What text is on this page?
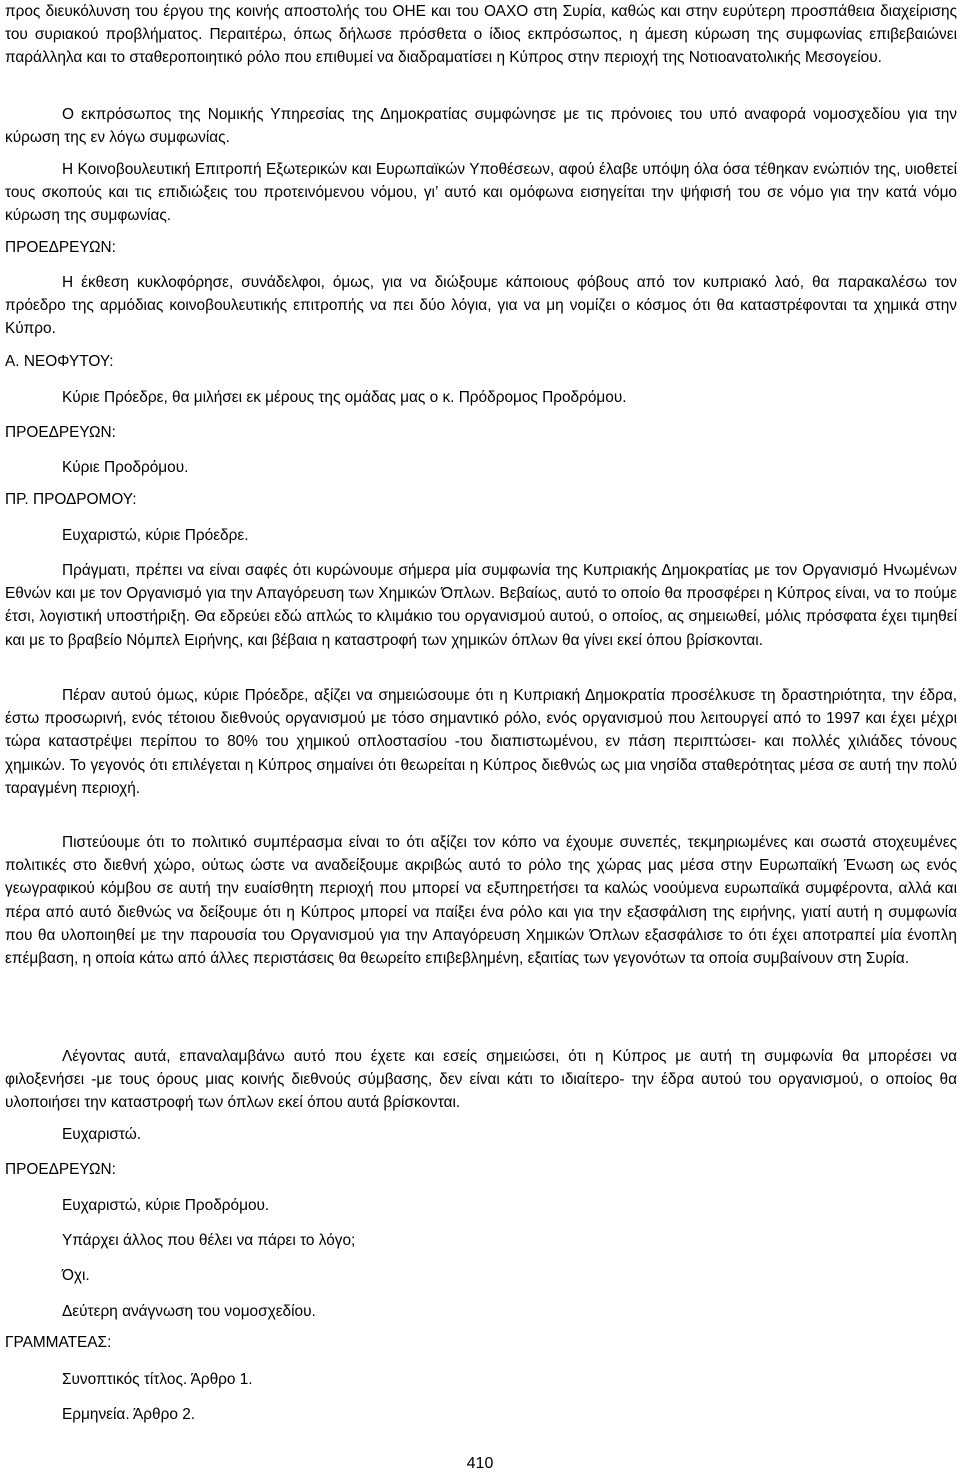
προς διευκόλυνση του έργου της κοινής αποστολής του ΟΗΕ και του ΟΑΧΟ στη Συρία, καθώς και στην ευρύτερη προσπάθεια διαχείρισης του συριακού προβλήματος. Περαιτέρω, όπως δήλωσε πρόσθετα ο ίδιος εκπρόσωπος, η άμεση κύρωση της συμφωνίας επιβεβαιώνει παράλληλα και το σταθεροποιητικό ρόλο που επιθυμεί να διαδραματίσει η Κύπρος στην περιοχή της Νοτιοανατολικής Μεσογείου.

Ο εκπρόσωπος της Νομικής Υπηρεσίας της Δημοκρατίας συμφώνησε με τις πρόνοιες του υπό αναφορά νομοσχεδίου για την κύρωση της εν λόγω συμφωνίας.

Η Κοινοβουλευτική Επιτροπή Εξωτερικών και Ευρωπαϊκών Υποθέσεων, αφού έλαβε υπόψη όλα όσα τέθηκαν ενώπιόν της, υιοθετεί τους σκοπούς και τις επιδιώξεις του προτεινόμενου νόμου, γι’ αυτό και ομόφωνα εισηγείται την ψήφισή του σε νόμο για την κατά νόμο κύρωση της συμφωνίας.

ΠΡΟΕΔΡΕΥΩΝ:

Η έκθεση κυκλοφόρησε, συνάδελφοι, όμως, για να διώξουμε κάποιους φόβους από τον κυπριακό λαό, θα παρακαλέσω τον πρόεδρο της αρμόδιας κοινοβουλευτικής επιτροπής να πει δύο λόγια, για να μη νομίζει ο κόσμος ότι θα καταστρέφονται τα χημικά στην Κύπρο.

Α. ΝΕΟΦΥΤΟΥ:

Κύριε Πρόεδρε, θα μιλήσει εκ μέρους της ομάδας μας ο κ. Πρόδρομος Προδρόμου.

ΠΡΟΕΔΡΕΥΩΝ:

Κύριε Προδρόμου.

ΠΡ. ΠΡΟΔΡΟΜΟΥ:

Ευχαριστώ, κύριε Πρόεδρε.

Πράγματι, πρέπει να είναι σαφές ότι κυρώνουμε σήμερα μία συμφωνία της Κυπριακής Δημοκρατίας με τον Οργανισμό Ηνωμένων Εθνών και με τον Οργανισμό για την Απαγόρευση των Χημικών Όπλων. Βεβαίως, αυτό το οποίο θα προσφέρει η Κύπρος είναι, να το πούμε έτσι, λογιστική υποστήριξη. Θα εδρεύει εδώ απλώς το κλιμάκιο του οργανισμού αυτού, ο οποίος, ας σημειωθεί, μόλις πρόσφατα έχει τιμηθεί και με το βραβείο Νόμπελ Ειρήνης, και βέβαια η καταστροφή των χημικών όπλων θα γίνει εκεί όπου βρίσκονται.

Πέραν αυτού όμως, κύριε Πρόεδρε, αξίζει να σημειώσουμε ότι η Κυπριακή Δημοκρατία προσέλκυσε τη δραστηριότητα, την έδρα, έστω προσωρινή, ενός τέτοιου διεθνούς οργανισμού με τόσο σημαντικό ρόλο, ενός οργανισμού που λειτουργεί από το 1997 και έχει μέχρι τώρα καταστρέψει περίπου το 80% του χημικού οπλοστασίου -του διαπιστωμένου, εν πάση περιπτώσει- και πολλές χιλιάδες τόνους χημικών. Το γεγονός ότι επιλέγεται η Κύπρος σημαίνει ότι θεωρείται η Κύπρος διεθνώς ως μια νησίδα σταθερότητας μέσα σε αυτή την πολύ ταραγμένη περιοχή.

Πιστεύουμε ότι το πολιτικό συμπέρασμα είναι το ότι αξίζει τον κόπο να έχουμε συνεπές, τεκμηριωμένες και σωστά στοχευμένες πολιτικές στο διεθνή χώρο, ούτως ώστε να αναδείξουμε ακριβώς αυτό το ρόλο της χώρας μας μέσα στην Ευρωπαϊκή Ένωση ως ενός γεωγραφικού κόμβου σε αυτή την ευαίσθητη περιοχή που μπορεί να εξυπηρετήσει τα καλώς νοούμενα ευρωπαϊκά συμφέροντα, αλλά και πέρα από αυτό διεθνώς να δείξουμε ότι η Κύπρος μπορεί να παίξει ένα ρόλο και για την εξασφάλιση της ειρήνης, γιατί αυτή η συμφωνία που θα υλοποιηθεί με την παρουσία του Οργανισμού για την Απαγόρευση Χημικών Όπλων εξασφάλισε το ότι έχει αποτραπεί μία ένοπλη επέμβαση, η οποία κάτω από άλλες περιστάσεις θα θεωρείτο επιβεβλημένη, εξαιτίας των γεγονότων τα οποία συμβαίνουν στη Συρία.

Λέγοντας αυτά, επαναλαμβάνω αυτό που έχετε και εσείς σημειώσει, ότι η Κύπρος με αυτή τη συμφωνία θα μπορέσει να φιλοξενήσει -με τους όρους μιας κοινής διεθνούς σύμβασης, δεν είναι κάτι το ιδιαίτερο- την έδρα αυτού του οργανισμού, ο οποίος θα υλοποιήσει την καταστροφή των όπλων εκεί όπου αυτά βρίσκονται.

Ευχαριστώ.

ΠΡΟΕΔΡΕΥΩΝ:

Ευχαριστώ, κύριε Προδρόμου.

Υπάρχει άλλος που θέλει να πάρει το λόγο;

Όχι.

Δεύτερη ανάγνωση του νομοσχεδίου.

ΓΡΑΜΜΑΤΕΑΣ:

Συνοπτικός τίτλος. Άρθρο 1.

Ερμηνεία. Άρθρο 2.

410
